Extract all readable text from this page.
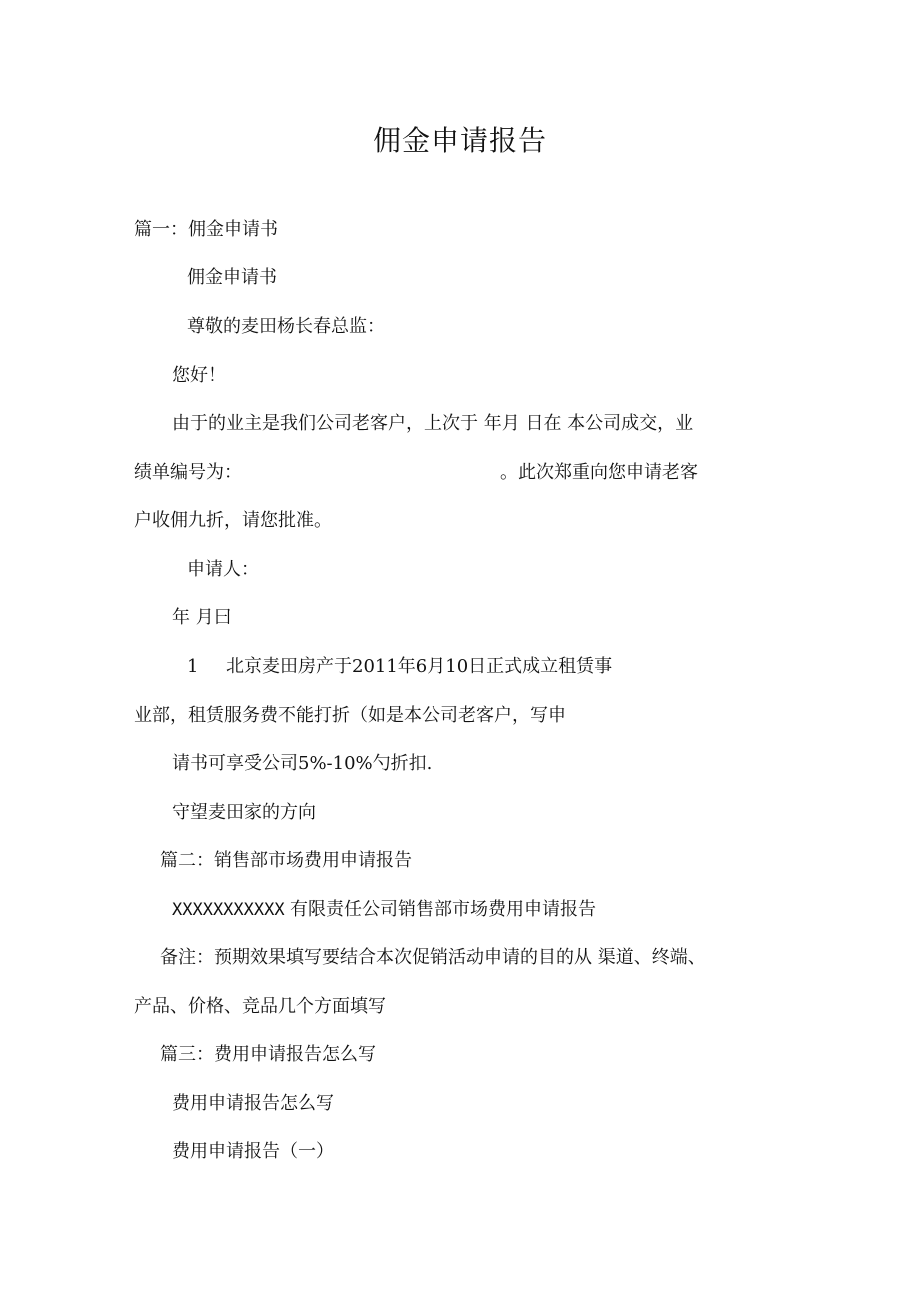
佣金申请报告
篇一：佣金申请书
佣金申请书
尊敬的麦田杨长春总监：
您好！
由于的业主是我们公司老客户，上次于 年月 日在 本公司成交，业
绩单编号为：	。此次郑重向您申请老客
户收佣九折，请您批准。
申请人：
年 月曰
1 北京麦田房产于2011年6月10日正式成立租赁事
业部，租赁服务费不能打折（如是本公司老客户，写申
请书可享受公司5%-10%勺折扣.
守望麦田家的方向
篇二：销售部市场费用申请报告
XXXXXXXXXXX 有限责任公司销售部市场费用申请报告
备注：预期效果填写要结合本次促销活动申请的目的从 渠道、终端、
产品、价格、竞品几个方面填写
篇三：费用申请报告怎么写
费用申请报告怎么写
费用申请报告（一）
